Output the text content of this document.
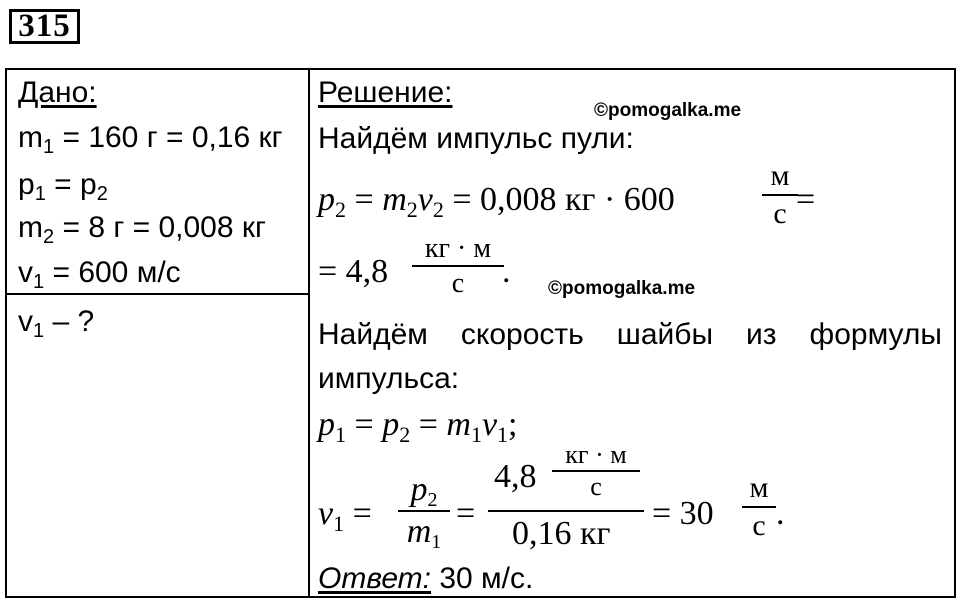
315
Дано:
$m_1 = 160$ г = 0,16 кг
$p_1 = p_2$
$m_2 = 8$ г = 0,008 кг
$v_1 = 600$ м/с
$v_1$ – ?
Решение:
©pomogalka.me
Найдём импульс пули:
$p_2 = m_2v_2 = 0,008$ кг · 600
м
с =
= 4,8
кг · м
с	. ©pomogalka.me
Найдём скорость шайбы из формулы
импульса:
$p_1 = p_2 = m_1v_1$;
$v_1$ =
$p_2$
$m_1$
=
4,8
кг · м
с
0,16 кг
= 30
м
с .
Ответ: 30 м/с.
